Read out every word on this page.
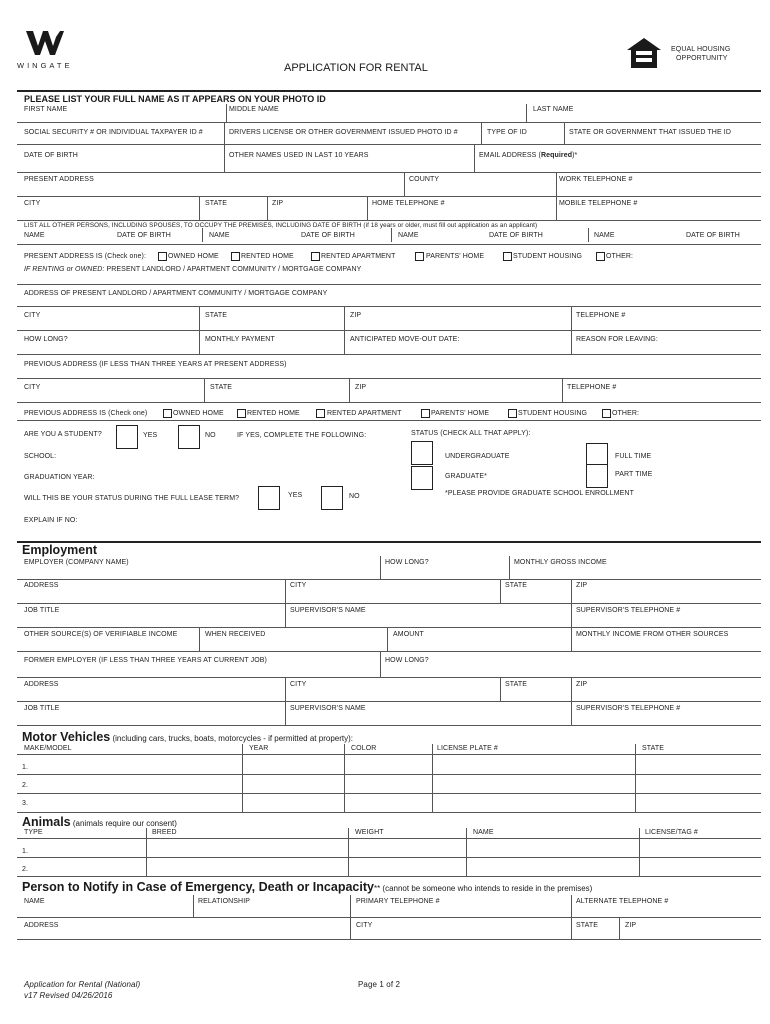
WINGATE	APPLICATION FOR RENTAL
EQUAL HOUSING
OPPORTUNITY
PLEASE LIST YOUR FULL NAME AS IT APPEARS ON YOUR PHOTO ID
FIRST NAME	MIDDLE NAME	LAST NAME
SOCIAL SECURITY # OR INDIVIDUAL TAXPAYER ID #	DRIVERS LICENSE OR OTHER GOVERNMENT ISSUED PHOTO ID #	TYPE OF ID	STATE OR GOVERNMENT THAT ISSUED THE ID
DATE OF BIRTH	OTHER NAMES USED IN LAST 10 YEARS	EMAIL ADDRESS (Required)*
PRESENT ADDRESS	COUNTY	WORK TELEPHONE #
CITY	STATE	ZIP	HOME TELEPHONE #	MOBILE TELEPHONE #
LIST ALL OTHER PERSONS, INCLUDING SPOUSES, TO OCCUPY THE PREMISES, INCLUDING DATE OF BIRTH (if 18 years or older, must fill out application as an applicant)
NAME	DATE OF BIRTH	NAME	DATE OF BIRTH	NAME	DATE OF BIRTH	NAME	DATE OF BIRTH
PRESENT ADDRESS IS (Check one):	OWNED HOME	RENTED HOME	RENTED APARTMENT	PARENTS' HOME	STUDENT HOUSING	OTHER:
IF RENTING or OWNED: PRESENT LANDLORD / APARTMENT COMMUNITY / MORTGAGE COMPANY
ADDRESS OF PRESENT LANDLORD / APARTMENT COMMUNITY / MORTGAGE COMPANY
CITY	STATE	ZIP	TELEPHONE #
HOW LONG?	MONTHLY PAYMENT	ANTICIPATED MOVE-OUT DATE:	REASON FOR LEAVING:
PREVIOUS ADDRESS (IF LESS THAN THREE YEARS AT PRESENT ADDRESS)
CITY	STATE	ZIP	TELEPHONE #
PREVIOUS ADDRESS IS (Check one)	OWNED HOME	RENTED HOME	RENTED APARTMENT	PARENTS' HOME	STUDENT HOUSING	OTHER:
ARE YOU A STUDENT?	YES	NO	IF YES, COMPLETE THE FOLLOWING:	STATUS (CHECK ALL THAT APPLY):
SCHOOL:	UNDERGRADUATE	FULL TIME
GRADUATION YEAR:	GRADUATE*	PART TIME
WILL THIS BE YOUR STATUS DURING THE FULL LEASE TERM?	YES	NO	*PLEASE PROVIDE GRADUATE SCHOOL ENROLLMENT
EXPLAIN IF NO:
Employment
EMPLOYER (COMPANY NAME)	HOW LONG?	MONTHLY GROSS INCOME
ADDRESS	CITY	STATE	ZIP
JOB TITLE	SUPERVISOR'S NAME	SUPERVISOR'S TELEPHONE #
OTHER SOURCE(S) OF VERIFIABLE INCOME	WHEN RECEIVED	AMOUNT	MONTHLY INCOME FROM OTHER SOURCES
FORMER EMPLOYER (IF LESS THAN THREE YEARS AT CURRENT JOB)	HOW LONG?
ADDRESS	CITY	STATE	ZIP
JOB TITLE	SUPERVISOR'S NAME	SUPERVISOR'S TELEPHONE #
Motor Vehicles (including cars, trucks, boats, motorcycles - if permitted at property):
MAKE/MODEL	YEAR	COLOR	LICENSE PLATE #	STATE
1.
2.
3.
Animals (animals require our consent)
TYPE	BREED	WEIGHT	NAME	LICENSE/TAG #
1.
2.
Person to Notify in Case of Emergency, Death or Incapacity** (cannot be someone who intends to reside in the premises)
NAME	RELATIONSHIP	PRIMARY TELEPHONE #	ALTERNATE TELEPHONE #
ADDRESS	CITY	STATE	ZIP
Application for Rental (National)
v17 Revised 04/26/2016
Page 1 of 2
